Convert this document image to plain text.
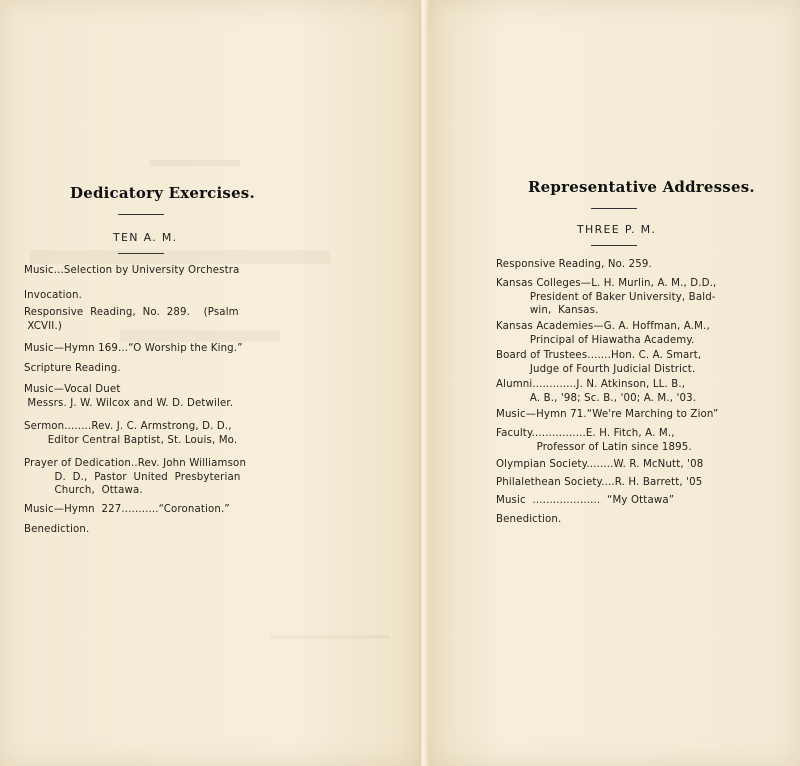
Dedicatory Exercises.
TEN A. M.
Music...Selection by University Orchestra
Invocation.
Responsive  Reading,  No.  289.    (Psalm
XCVII.)
Music—Hymn 169...“O Worship the King.”
Scripture Reading.
Music—Vocal Duet
Messrs. J. W. Wilcox and W. D. Detwiler.
Sermon........Rev. J. C. Armstrong, D. D.,
Editor Central Baptist, St. Louis, Mo.
Prayer of Dedication..Rev. John Williamson
D.  D.,  Pastor  United  Presbyterian
Church,  Ottawa.
Music—Hymn  227...........“Coronation.”
Benediction.
Representative Addresses.
THREE P. M.
Responsive Reading, No. 259.
Kansas Colleges—L. H. Murlin, A. M., D.D.,
President of Baker University, Bald-
win,  Kansas.
Kansas Academies—G. A. Hoffman, A.M.,
Principal of Hiawatha Academy.
Board of Trustees.......Hon. C. A. Smart,
Judge of Fourth Judicial District.
Alumni.............J. N. Atkinson, LL. B.,
A. B., '98; Sc. B., '00; A. M., '03.
Music—Hymn 71.“We're Marching to Zion”
Faculty................E. H. Fitch, A. M.,
Professor of Latin since 1895.
Olympian Society........W. R. McNutt, '08
Philalethean Society....R. H. Barrett, '05
Music  ....................  “My Ottawa”
Benediction.
